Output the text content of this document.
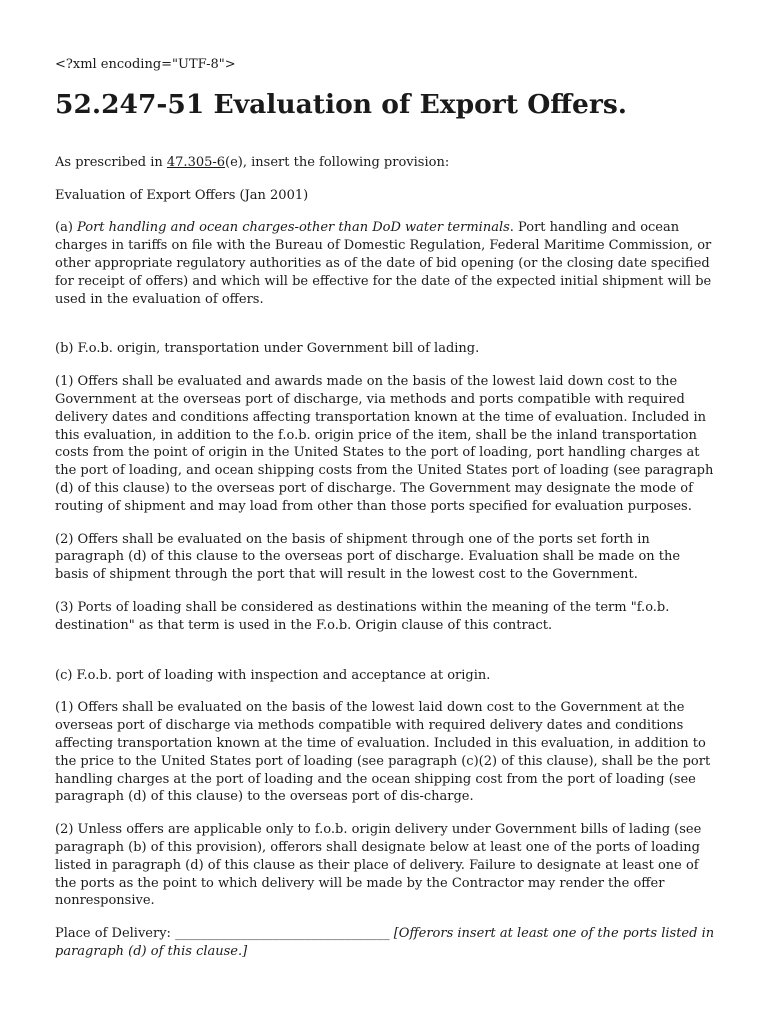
<?xml encoding="UTF-8">

52.247-51 Evaluation of Export Offers.

As prescribed in 47.305-6(e), insert the following provision:

Evaluation of Export Offers (Jan 2001)

(a) Port handling and ocean charges-other than DoD water terminals. Port handling and ocean charges in tariffs on file with the Bureau of Domestic Regulation, Federal Maritime Commission, or other appropriate regulatory authorities as of the date of bid opening (or the closing date specified for receipt of offers) and which will be effective for the date of the expected initial shipment will be used in the evaluation of offers.

(b) F.o.b. origin, transportation under Government bill of lading.

(1) Offers shall be evaluated and awards made on the basis of the lowest laid down cost to the Government at the overseas port of discharge, via methods and ports compatible with required delivery dates and conditions affecting transportation known at the time of evaluation. Included in this evaluation, in addition to the f.o.b. origin price of the item, shall be the inland transportation costs from the point of origin in the United States to the port of loading, port handling charges at the port of loading, and ocean shipping costs from the United States port of loading (see paragraph (d) of this clause) to the overseas port of discharge. The Government may designate the mode of routing of shipment and may load from other than those ports specified for evaluation purposes.

(2) Offers shall be evaluated on the basis of shipment through one of the ports set forth in paragraph (d) of this clause to the overseas port of discharge. Evaluation shall be made on the basis of shipment through the port that will result in the lowest cost to the Government.

(3) Ports of loading shall be considered as destinations within the meaning of the term "f.o.b. destination" as that term is used in the F.o.b. Origin clause of this contract.

(c) F.o.b. port of loading with inspection and acceptance at origin.

(1) Offers shall be evaluated on the basis of the lowest laid down cost to the Government at the overseas port of discharge via methods compatible with required delivery dates and conditions affecting transportation known at the time of evaluation. Included in this evaluation, in addition to the price to the United States port of loading (see paragraph (c)(2) of this clause), shall be the port handling charges at the port of loading and the ocean shipping cost from the port of loading (see paragraph (d) of this clause) to the overseas port of dis-charge.

(2) Unless offers are applicable only to f.o.b. origin delivery under Government bills of lading (see paragraph (b) of this provision), offerors shall designate below at least one of the ports of loading listed in paragraph (d) of this clause as their place of delivery. Failure to designate at least one of the ports as the point to which delivery will be made by the Contractor may render the offer nonresponsive.

Place of Delivery: _________________________________ [Offerors insert at least one of the ports listed in paragraph (d) of this clause.]
